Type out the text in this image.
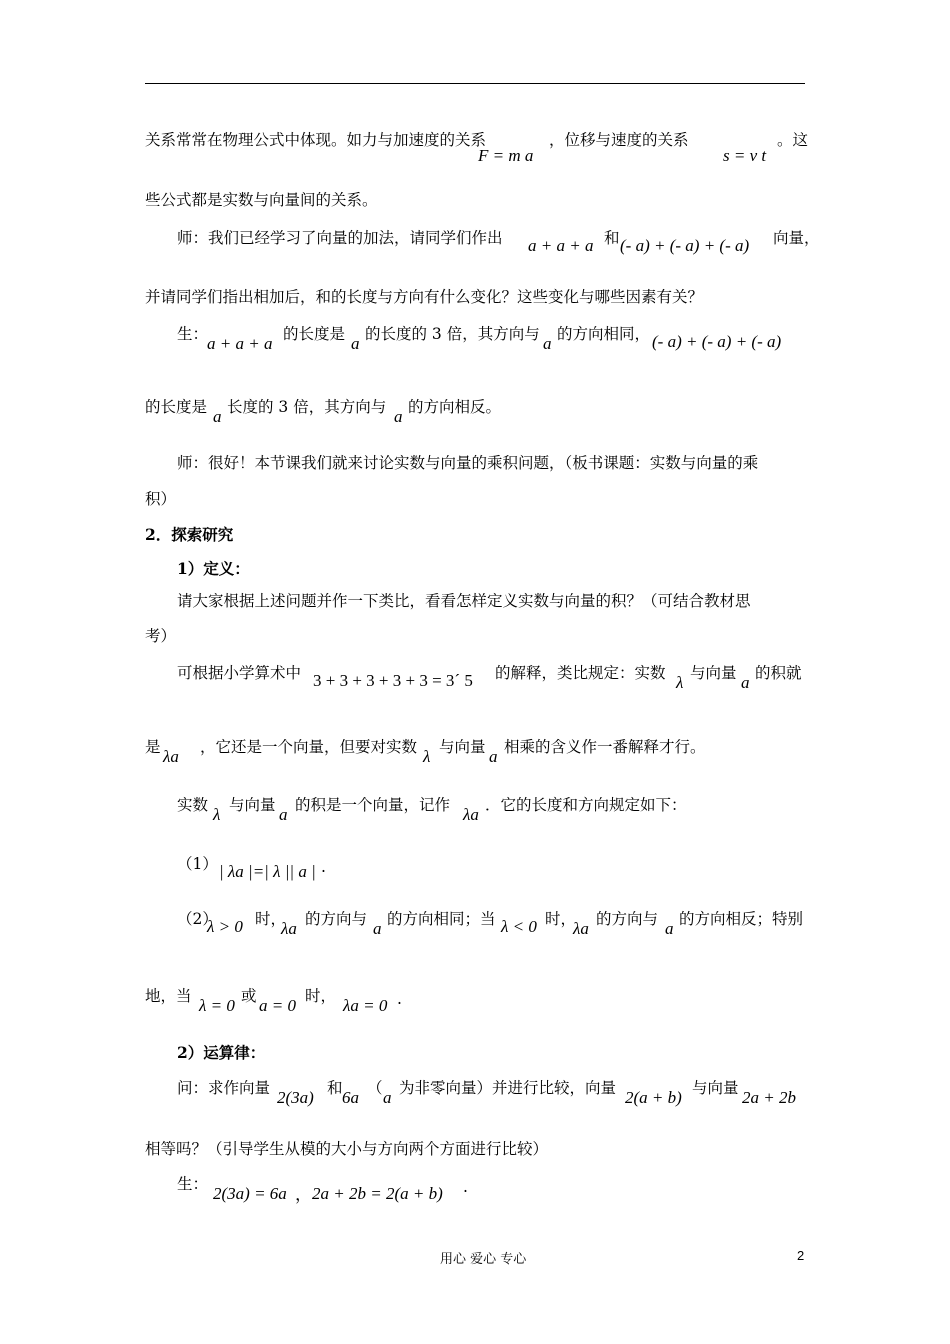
关系常常在物理公式中体现。如力与加速度的关系
F = m a
，位移与速度的关系
s = v t
。这
些公式都是实数与向量间的关系。
师：我们已经学习了向量的加法，请同学们作出 a + a + a 和 (- a) + (- a) + (- a) 向量，
并请同学们指出相加后，和的长度与方向有什么变化？这些变化与哪些因素有关？
生：
a + a + a 的长度是 a 的长度的 3 倍，其方向与 a 的方向相同， (- a) + (- a) + (- a)
的长度是 a 长度的 3 倍，其方向与 a 的方向相反。
师：很好！本节课我们就来讨论实数与向量的乘积问题，（板书课题：实数与向量的乘
积）
2．探索研究
1）定义：
请大家根据上述问题并作一下类比，看看怎样定义实数与向量的积？（可结合教材思
考）
可根据小学算术中 3 + 3 + 3 + 3 + 3 = 3´ 5 的解释，类比规定：实数 λ 与向量 a 的积就
是 λa ，它还是一个向量，但要对实数 λ 与向量 a 相乘的含义作一番解释才行。
实数 λ 与向量 a 的积是一个向量，记作 λa ．它的长度和方向规定如下：
（1） | λa |=| λ || a | .
（2）
λ > 0 时，
λa 的方向与 a 的方向相同；当 λ < 0 时，
λa 的方向与 a 的方向相反；特别
地，当 λ = 0 或 a = 0 时， λa = 0 .
2）运算律：
问：求作向量 2(3a) 和 6a （ a 为非零向量）并进行比较，向量 2(a + b) 与向量 2a + 2b
相等吗？（引导学生从模的大小与方向两个方面进行比较）
生： 2(3a) = 6a ， 2a + 2b = 2(a + b) .
用心 爱心 专心	2
